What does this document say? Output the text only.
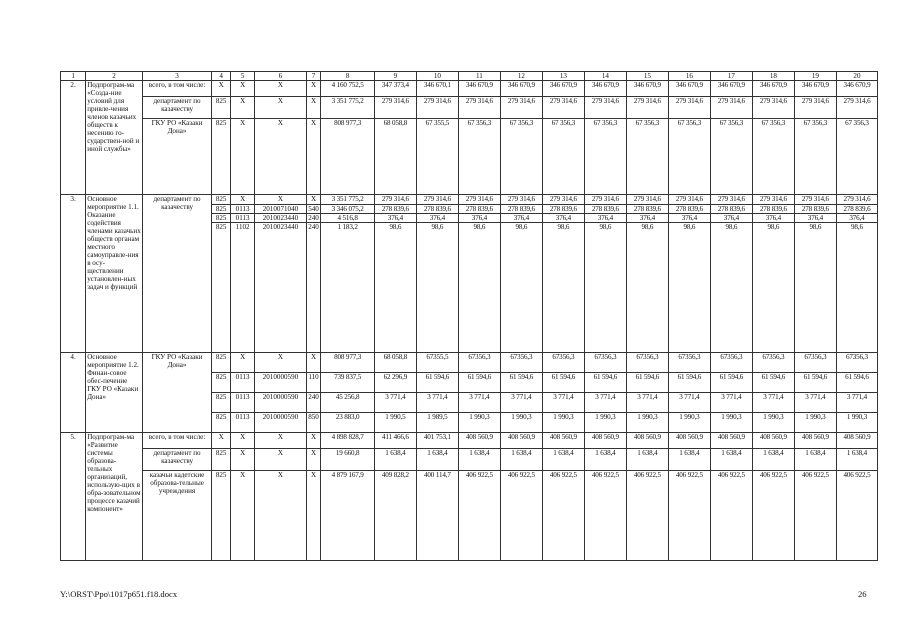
1	2	3	4	5	6	7	8	9	10	11	12	13	14	15	16	17	18	19	20
2.	Подпрограм-ма «Созда-ние условий для привле-чения членов казачьих обществ к несению го-сударствен-ной и иной службы»	всего, в том числе:	Х	Х	Х	Х	4 160 752,5	347 373,4	346 670,1	346 670,9	346 670,9	346 670,9	346 670,9	346 670,9	346 670,9	346 670,9	346 670,9	346 670,9	346 670,9
		департамент по казачеству	825	Х	Х	Х	3 351 775,2	279 314,6	279 314,6	279 314,6	279 314,6	279 314,6	279 314,6	279 314,6	279 314,6	279 314,6	279 314,6	279 314,6	279 314,6
		ГКУ РО «Казаки Дона»	825	Х	Х	Х	808 977,3	68 058,8	67 355,5	67 356,3	67 356,3	67 356,3	67 356,3	67 356,3	67 356,3	67 356,3	67 356,3	67 356,3	67 356,3
3.	Основное мероприятие 1.1. Оказание содействия членами казачьих обществ органам местного самоуправле-ния в осу-ществлении установлен-ных задач и функций	департамент по казачеству	825	Х	Х	Х	3 351 775,2	279 314,6	279 314,6	279 314,6	279 314,6	279 314,6	279 314,6	279 314,6	279 314,6	279 314,6	279 314,6	279 314,6	279 314,6
			825	0113	2010071040	540	3 346 075,2	278 839,6	278 839,6	278 839,6	278 839,6	278 839,6	278 839,6	278 839,6	278 839,6	278 839,6	278 839,6	278 839,6	278 839,6
			825	0113	2010023440	240	4 516,8	376,4	376,4	376,4	376,4	376,4	376,4	376,4	376,4	376,4	376,4	376,4	376,4
			825	1102	2010023440	240	1 183,2	98,6	98,6	98,6	98,6	98,6	98,6	98,6	98,6	98,6	98,6	98,6	98,6
4.	Основное мероприятие 1.2. Финан-совое обес-печение ГКУ РО «Казаки Дона»	ГКУ РО «Казаки Дона»	825	Х	Х	Х	808 977,3	68 058,8	67355,5	67356,3	67356,3	67356,3	67356,3	67356,3	67356,3	67356,3	67356,3	67356,3	67356,3
			825	0113	2010000590	110	739 837,5	62 296,9	61 594,6	61 594,6	61 594,6	61 594,6	61 594,6	61 594,6	61 594,6	61 594,6	61 594,6	61 594,6	61 594,6
			825	0113	2010000590	240	45 256,8	3 771,4	3 771,4	3 771,4	3 771,4	3 771,4	3 771,4	3 771,4	3 771,4	3 771,4	3 771,4	3 771,4	3 771,4
			825	0113	2010000590	850	23 883,0	1 990,5	1 989,5	1 990,3	1 990,3	1 990,3	1 990,3	1 990,3	1 990,3	1 990,3	1 990,3	1 990,3	1 990,3
5.	Подпрограм-ма «Развитие системы образова-тельных организаций, использую-щих в обра-зовательном процессе казачий компонент»	всего, в том числе:	Х	Х	Х	Х	4 898 828,7	411 466,6	401 753,1	408 560,9	408 560,9	408 560,9	408 560,9	408 560,9	408 560,9	408 560,9	408 560,9	408 560,9	408 560,9
		департамент по казачеству	825	Х	Х	Х	19 660,8	1 638,4	1 638,4	1 638,4	1 638,4	1 638,4	1 638,4	1 638,4	1 638,4	1 638,4	1 638,4	1 638,4	1 638,4
		казачьи кадетские образова-тельные учреждения	825	Х	Х	Х	4 879 167,9	409 828,2	400 114,7	406 922,5	406 922,5	406 922,5	406 922,5	406 922,5	406 922,5	406 922,5	406 922,5	406 922,5	406 922,5
Y:\ORST\Ppo\1017p651.f18.docx	26
